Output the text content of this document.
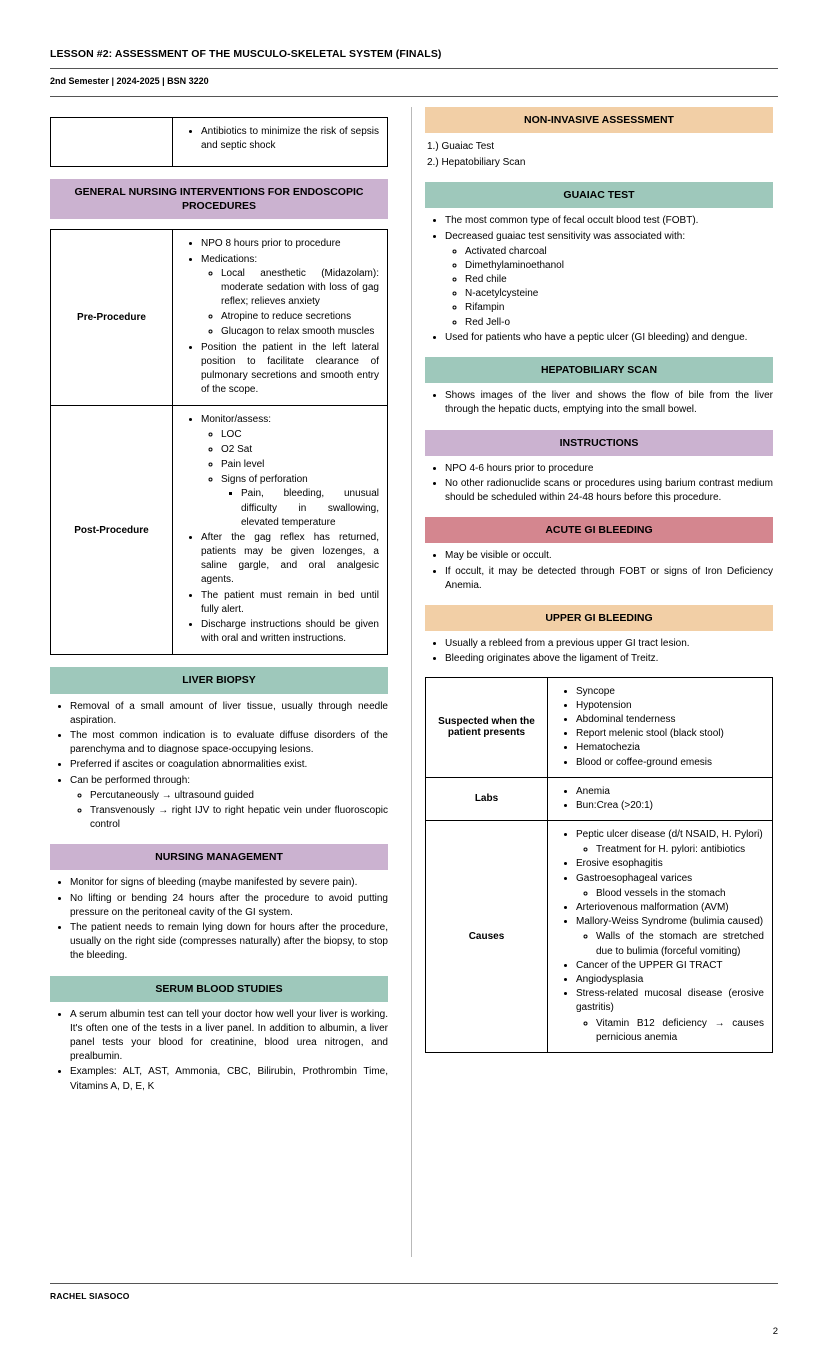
LESSON #2: ASSESSMENT OF THE MUSCULO-SKELETAL SYSTEM (FINALS)
2nd Semester | 2024-2025 | BSN 3220

• Antibiotics to minimize the risk of sepsis and septic shock
GENERAL NURSING INTERVENTIONS FOR ENDOSCOPIC PROCEDURES
Pre-Procedure	
• NPO 8 hours prior to procedure
• Medications:
◦ Local anesthetic (Midazolam): moderate sedation with loss of gag reflex; relieves anxiety
◦ Atropine to reduce secretions
◦ Glucagon to relax smooth muscles
• Position the patient in the left lateral position to facilitate clearance of pulmonary secretions and smooth entry of the scope.

Post-Procedure	
• Monitor/assess:
◦ LOC
◦ O2 Sat
◦ Pain level
◦ Signs of perforation
▪ Pain, bleeding, unusual difficulty in swallowing, elevated temperature
• After the gag reflex has returned, patients may be given lozenges, a saline gargle, and oral analgesic agents.
• The patient must remain in bed until fully alert.
• Discharge instructions should be given with oral and written instructions.
LIVER BIOPSY
• Removal of a small amount of liver tissue, usually through needle aspiration.
• The most common indication is to evaluate diffuse disorders of the parenchyma and to diagnose space-occupying lesions.
• Preferred if ascites or coagulation abnormalities exist.
• Can be performed through:
◦ Percutaneously → ultrasound guided
◦ Transvenously → right IJV to right hepatic vein under fluoroscopic control
NURSING MANAGEMENT
• Monitor for signs of bleeding (maybe manifested by severe pain).
• No lifting or bending 24 hours after the procedure to avoid putting pressure on the peritoneal cavity of the GI system.
• The patient needs to remain lying down for hours after the procedure, usually on the right side (compresses naturally) after the biopsy, to stop the bleeding.
SERUM BLOOD STUDIES
• A serum albumin test can tell your doctor how well your liver is working. It's often one of the tests in a liver panel. In addition to albumin, a liver panel tests your blood for creatinine, blood urea nitrogen, and prealbumin.
• Examples: ALT, AST, Ammonia, CBC, Bilirubin, Prothrombin Time, Vitamins A, D, E, K
NON-INVASIVE ASSESSMENT
1.) Guaiac Test
2.) Hepatobiliary Scan
GUAIAC TEST
• The most common type of fecal occult blood test (FOBT).
• Decreased guaiac test sensitivity was associated with:
◦ Activated charcoal
◦ Dimethylaminoethanol
◦ Red chile
◦ N-acetylcysteine
◦ Rifampin
◦ Red Jell-o
• Used for patients who have a peptic ulcer (GI bleeding) and dengue.
HEPATOBILIARY SCAN
• Shows images of the liver and shows the flow of bile from the liver through the hepatic ducts, emptying into the small bowel.
INSTRUCTIONS
• NPO 4-6 hours prior to procedure
• No other radionuclide scans or procedures using barium contrast medium should be scheduled within 24-48 hours before this procedure.
ACUTE GI BLEEDING
• May be visible or occult.
• If occult, it may be detected through FOBT or signs of Iron Deficiency Anemia.
UPPER GI BLEEDING
• Usually a rebleed from a previous upper GI tract lesion.
• Bleeding originates above the ligament of Treitz.
Suspected when the patient presents	
• Syncope
• Hypotension
• Abdominal tenderness
• Report melenic stool (black stool)
• Hematochezia
• Blood or coffee-ground emesis

Labs	
• Anemia
• Bun:Crea (>20:1)

Causes	
• Peptic ulcer disease (d/t NSAID, H. Pylori)
◦ Treatment for H. pylori: antibiotics
• Erosive esophagitis
• Gastroesophageal varices
◦ Blood vessels in the stomach
• Arteriovenous malformation (AVM)
• Mallory-Weiss Syndrome (bulimia caused)
◦ Walls of the stomach are stretched due to bulimia (forceful vomiting)
• Cancer of the UPPER GI TRACT
• Angiodysplasia
• Stress-related mucosal disease (erosive gastritis)
◦ Vitamin B12 deficiency → causes pernicious anemia
RACHEL SIASOCO
2
